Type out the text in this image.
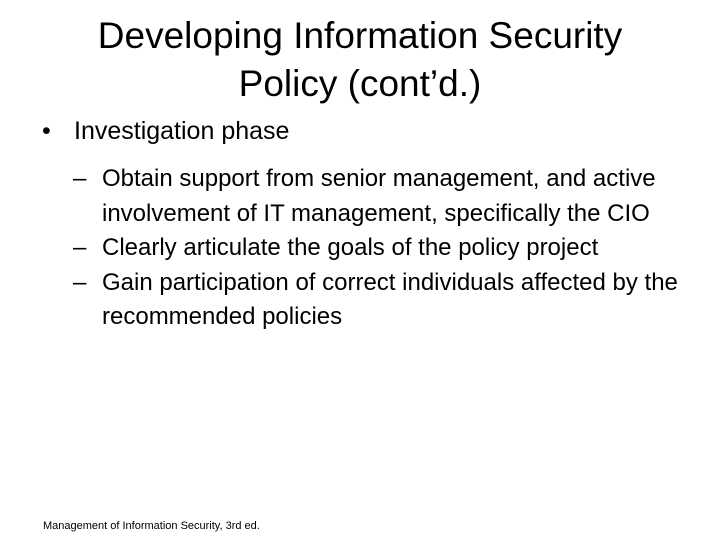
Developing Information Security
Policy (cont’d.)
• Investigation phase
– Obtain support from senior management, and active involvement of IT management, specifically the CIO
– Clearly articulate the goals of the policy project
– Gain participation of correct individuals affected by the recommended policies
Management of Information Security, 3rd ed.
